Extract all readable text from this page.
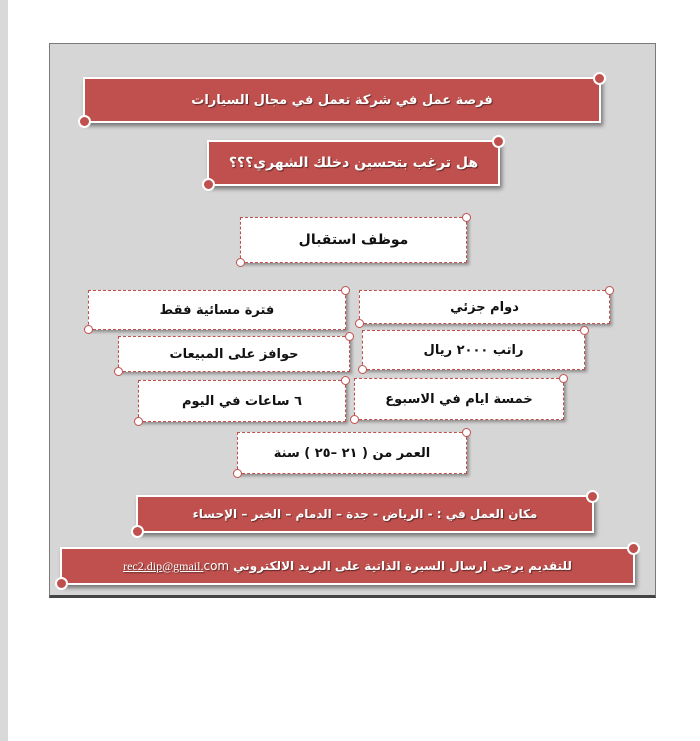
فرصة عمل في شركة تعمل في مجال السيارات
هل ترغب بتحسين دخلك الشهري؟؟؟
موظف استقبال
دوام جزئي
فترة مسائية فقط
راتب ٢٠٠٠ ريال
حوافز على المبيعات
خمسة ايام في الاسبوع
٦ ساعات في اليوم
العمر من ( ٢١ –٢٥ ) سنة
مكان العمل في : - الرياض - جدة – الدمام – الخبر – الإحساء
للتقديم يرجى ارسال السيرة الذاتية على البريد الالكتروني
rec2.dip@gmail.com
